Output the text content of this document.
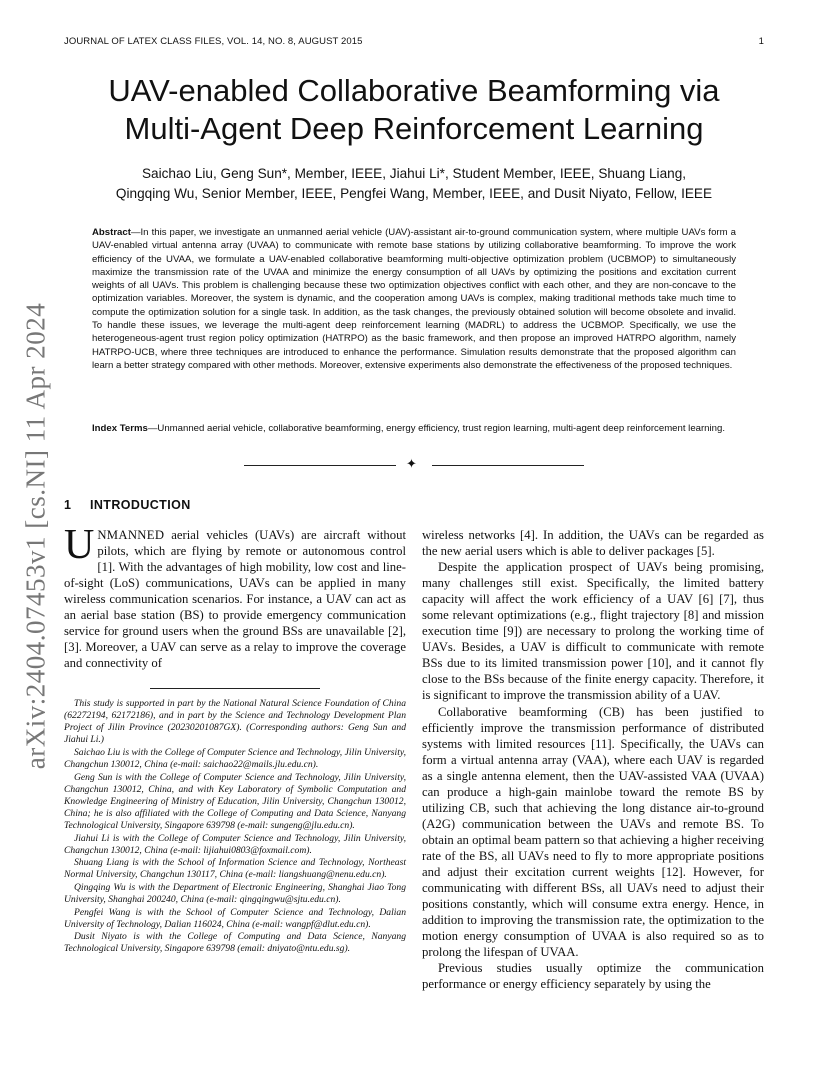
JOURNAL OF LATEX CLASS FILES, VOL. 14, NO. 8, AUGUST 2015	1
arXiv:2404.07453v1 [cs.NI] 11 Apr 2024
UAV-enabled Collaborative Beamforming via
Multi-Agent Deep Reinforcement Learning
Saichao Liu, Geng Sun*, Member, IEEE, Jiahui Li*, Student Member, IEEE, Shuang Liang,
Qingqing Wu, Senior Member, IEEE, Pengfei Wang, Member, IEEE, and Dusit Niyato, Fellow, IEEE
Abstract—In this paper, we investigate an unmanned aerial vehicle (UAV)-assistant air-to-ground communication system, where multiple UAVs form a UAV-enabled virtual antenna array (UVAA) to communicate with remote base stations by utilizing collaborative beamforming. To improve the work efficiency of the UVAA, we formulate a UAV-enabled collaborative beamforming multi-objective optimization problem (UCBMOP) to simultaneously maximize the transmission rate of the UVAA and minimize the energy consumption of all UAVs by optimizing the positions and excitation current weights of all UAVs. This problem is challenging because these two optimization objectives conflict with each other, and they are non-concave to the optimization variables. Moreover, the system is dynamic, and the cooperation among UAVs is complex, making traditional methods take much time to compute the optimization solution for a single task. In addition, as the task changes, the previously obtained solution will become obsolete and invalid. To handle these issues, we leverage the multi-agent deep reinforcement learning (MADRL) to address the UCBMOP. Specifically, we use the heterogeneous-agent trust region policy optimization (HATRPO) as the basic framework, and then propose an improved HATRPO algorithm, namely HATRPO-UCB, where three techniques are introduced to enhance the performance. Simulation results demonstrate that the proposed algorithm can learn a better strategy compared with other methods. Moreover, extensive experiments also demonstrate the effectiveness of the proposed techniques.
Index Terms—Unmanned aerial vehicle, collaborative beamforming, energy efficiency, trust region learning, multi-agent deep reinforcement learning.
✦
1 INTRODUCTION

UNMANNED aerial vehicles (UAVs) are aircraft without pilots, which are flying by remote or autonomous control [1]. With the advantages of high mobility, low cost and line-of-sight (LoS) communications, UAVs can be applied in many wireless communication scenarios. For instance, a UAV can act as an aerial base station (BS) to provide emergency communication service for ground users when the ground BSs are unavailable [2], [3]. Moreover, a UAV can serve as a relay to improve the coverage and connectivity of

This study is supported in part by the National Natural Science Foundation of China (62272194, 62172186), and in part by the Science and Technology Development Plan Project of Jilin Province (20230201087GX). (Corresponding authors: Geng Sun and Jiahui Li.)

Saichao Liu is with the College of Computer Science and Technology, Jilin University, Changchun 130012, China (e-mail: saichao22@mails.jlu.edu.cn).

Geng Sun is with the College of Computer Science and Technology, Jilin University, Changchun 130012, China, and with Key Laboratory of Symbolic Computation and Knowledge Engineering of Ministry of Education, Jilin University, Changchun 130012, China; he is also affiliated with the College of Computing and Data Science, Nanyang Technological University, Singapore 639798 (e-mail: sungeng@jlu.edu.cn).

Jiahui Li is with the College of Computer Science and Technology, Jilin University, Changchun 130012, China (e-mail: lijiahui0803@foxmail.com).

Shuang Liang is with the School of Information Science and Technology, Northeast Normal University, Changchun 130117, China (e-mail: liangshuang@nenu.edu.cn).

Qingqing Wu is with the Department of Electronic Engineering, Shanghai Jiao Tong University, Shanghai 200240, China (e-mail: qingqingwu@sjtu.edu.cn).

Pengfei Wang is with the School of Computer Science and Technology, Dalian University of Technology, Dalian 116024, China (e-mail: wangpf@dlut.edu.cn).

Dusit Niyato is with the College of Computing and Data Science, Nanyang Technological University, Singapore 639798 (email: dniyato@ntu.edu.sg).

wireless networks [4]. In addition, the UAVs can be regarded as the new aerial users which is able to deliver packages [5].

Despite the application prospect of UAVs being promising, many challenges still exist. Specifically, the limited battery capacity will affect the work efficiency of a UAV [6] [7], thus some relevant optimizations (e.g., flight trajectory [8] and mission execution time [9]) are necessary to prolong the working time of UAVs. Besides, a UAV is difficult to communicate with remote BSs due to its limited transmission power [10], and it cannot fly close to the BSs because of the finite energy capacity. Therefore, it is significant to improve the transmission ability of a UAV.

Collaborative beamforming (CB) has been justified to efficiently improve the transmission performance of distributed systems with limited resources [11]. Specifically, the UAVs can form a virtual antenna array (VAA), where each UAV is regarded as a single antenna element, then the UAV-assisted VAA (UVAA) can produce a high-gain mainlobe toward the remote BS by utilizing CB, such that achieving the long distance air-to-ground (A2G) communication between the UAVs and remote BS. To obtain an optimal beam pattern so that achieving a higher receiving rate of the BS, all UAVs need to fly to more appropriate positions and adjust their excitation current weights [12]. However, for communicating with different BSs, all UAVs need to adjust their positions constantly, which will consume extra energy. Hence, in addition to improving the transmission rate, the optimization to the motion energy consumption of UVAA is also required so as to prolong the lifespan of UVAA.

Previous studies usually optimize the communication performance or energy efficiency separately by using the
